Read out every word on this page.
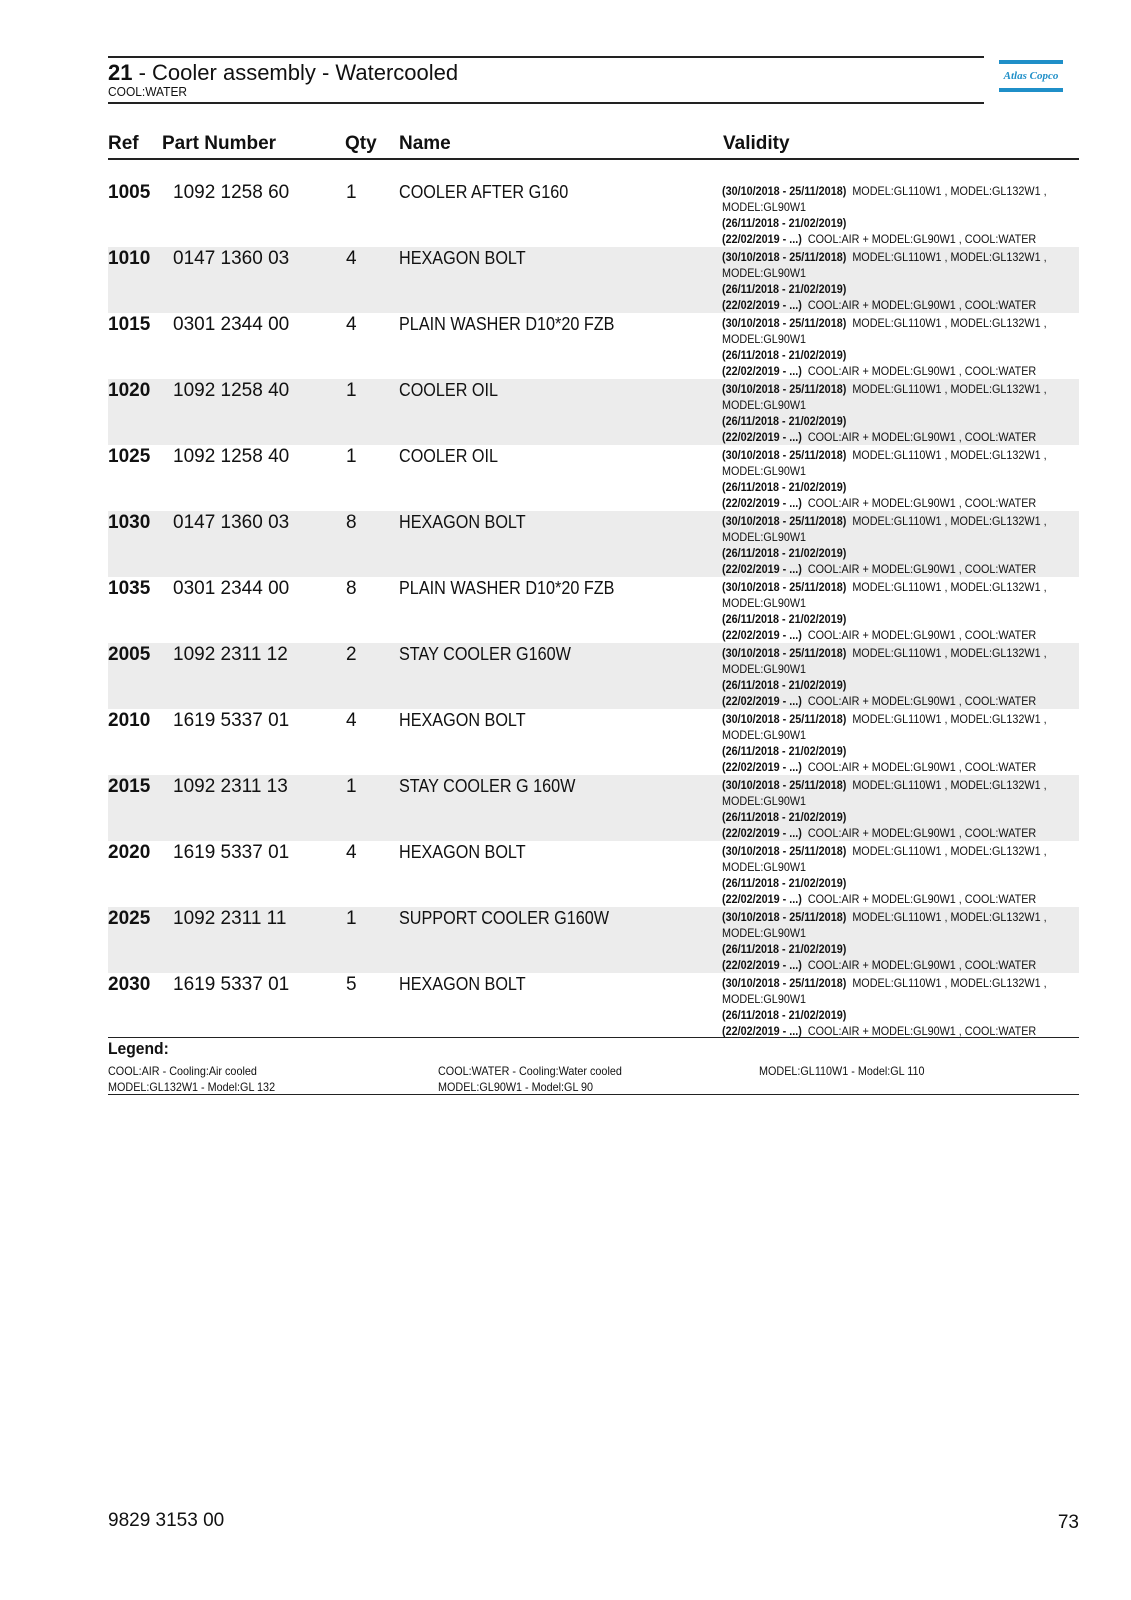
21 - Cooler assembly - Watercooled
COOL:WATER
Atlas Copco
Ref Part Number	Qty Name	Validity
1005 1092 1258 60	1 COOLER AFTER G160	(30/10/2018 - 25/11/2018)  MODEL:GL110W1 , MODEL:GL132W1 ,
MODEL:GL90W1
(26/11/2018 - 21/02/2019)
(22/02/2019 - ...)  COOL:AIR + MODEL:GL90W1 , COOL:WATER
1010 0147 1360 03	4 HEXAGON BOLT	(30/10/2018 - 25/11/2018)  MODEL:GL110W1 , MODEL:GL132W1 ,
MODEL:GL90W1
(26/11/2018 - 21/02/2019)
(22/02/2019 - ...)  COOL:AIR + MODEL:GL90W1 , COOL:WATER
1015 0301 2344 00	4 PLAIN WASHER D10*20 FZB	(30/10/2018 - 25/11/2018)  MODEL:GL110W1 , MODEL:GL132W1 ,
MODEL:GL90W1
(26/11/2018 - 21/02/2019)
(22/02/2019 - ...)  COOL:AIR + MODEL:GL90W1 , COOL:WATER
1020 1092 1258 40	1 COOLER OIL	(30/10/2018 - 25/11/2018)  MODEL:GL110W1 , MODEL:GL132W1 ,
MODEL:GL90W1
(26/11/2018 - 21/02/2019)
(22/02/2019 - ...)  COOL:AIR + MODEL:GL90W1 , COOL:WATER
1025 1092 1258 40	1 COOLER OIL	(30/10/2018 - 25/11/2018)  MODEL:GL110W1 , MODEL:GL132W1 ,
MODEL:GL90W1
(26/11/2018 - 21/02/2019)
(22/02/2019 - ...)  COOL:AIR + MODEL:GL90W1 , COOL:WATER
1030 0147 1360 03	8 HEXAGON BOLT	(30/10/2018 - 25/11/2018)  MODEL:GL110W1 , MODEL:GL132W1 ,
MODEL:GL90W1
(26/11/2018 - 21/02/2019)
(22/02/2019 - ...)  COOL:AIR + MODEL:GL90W1 , COOL:WATER
1035 0301 2344 00	8 PLAIN WASHER D10*20 FZB	(30/10/2018 - 25/11/2018)  MODEL:GL110W1 , MODEL:GL132W1 ,
MODEL:GL90W1
(26/11/2018 - 21/02/2019)
(22/02/2019 - ...)  COOL:AIR + MODEL:GL90W1 , COOL:WATER
2005 1092 2311 12	2 STAY COOLER G160W	(30/10/2018 - 25/11/2018)  MODEL:GL110W1 , MODEL:GL132W1 ,
MODEL:GL90W1
(26/11/2018 - 21/02/2019)
(22/02/2019 - ...)  COOL:AIR + MODEL:GL90W1 , COOL:WATER
2010 1619 5337 01	4 HEXAGON BOLT	(30/10/2018 - 25/11/2018)  MODEL:GL110W1 , MODEL:GL132W1 ,
MODEL:GL90W1
(26/11/2018 - 21/02/2019)
(22/02/2019 - ...)  COOL:AIR + MODEL:GL90W1 , COOL:WATER
2015 1092 2311 13	1 STAY COOLER G 160W	(30/10/2018 - 25/11/2018)  MODEL:GL110W1 , MODEL:GL132W1 ,
MODEL:GL90W1
(26/11/2018 - 21/02/2019)
(22/02/2019 - ...)  COOL:AIR + MODEL:GL90W1 , COOL:WATER
2020 1619 5337 01	4 HEXAGON BOLT	(30/10/2018 - 25/11/2018)  MODEL:GL110W1 , MODEL:GL132W1 ,
MODEL:GL90W1
(26/11/2018 - 21/02/2019)
(22/02/2019 - ...)  COOL:AIR + MODEL:GL90W1 , COOL:WATER
2025 1092 2311 11	1 SUPPORT COOLER G160W	(30/10/2018 - 25/11/2018)  MODEL:GL110W1 , MODEL:GL132W1 ,
MODEL:GL90W1
(26/11/2018 - 21/02/2019)
(22/02/2019 - ...)  COOL:AIR + MODEL:GL90W1 , COOL:WATER
2030 1619 5337 01	5 HEXAGON BOLT	(30/10/2018 - 25/11/2018)  MODEL:GL110W1 , MODEL:GL132W1 ,
MODEL:GL90W1
(26/11/2018 - 21/02/2019)
(22/02/2019 - ...)  COOL:AIR + MODEL:GL90W1 , COOL:WATER
Legend:
COOL:AIR - Cooling:Air cooled	COOL:WATER - Cooling:Water cooled	MODEL:GL110W1 - Model:GL 110
MODEL:GL132W1 - Model:GL 132	MODEL:GL90W1 - Model:GL 90
9829 3153 00	73
